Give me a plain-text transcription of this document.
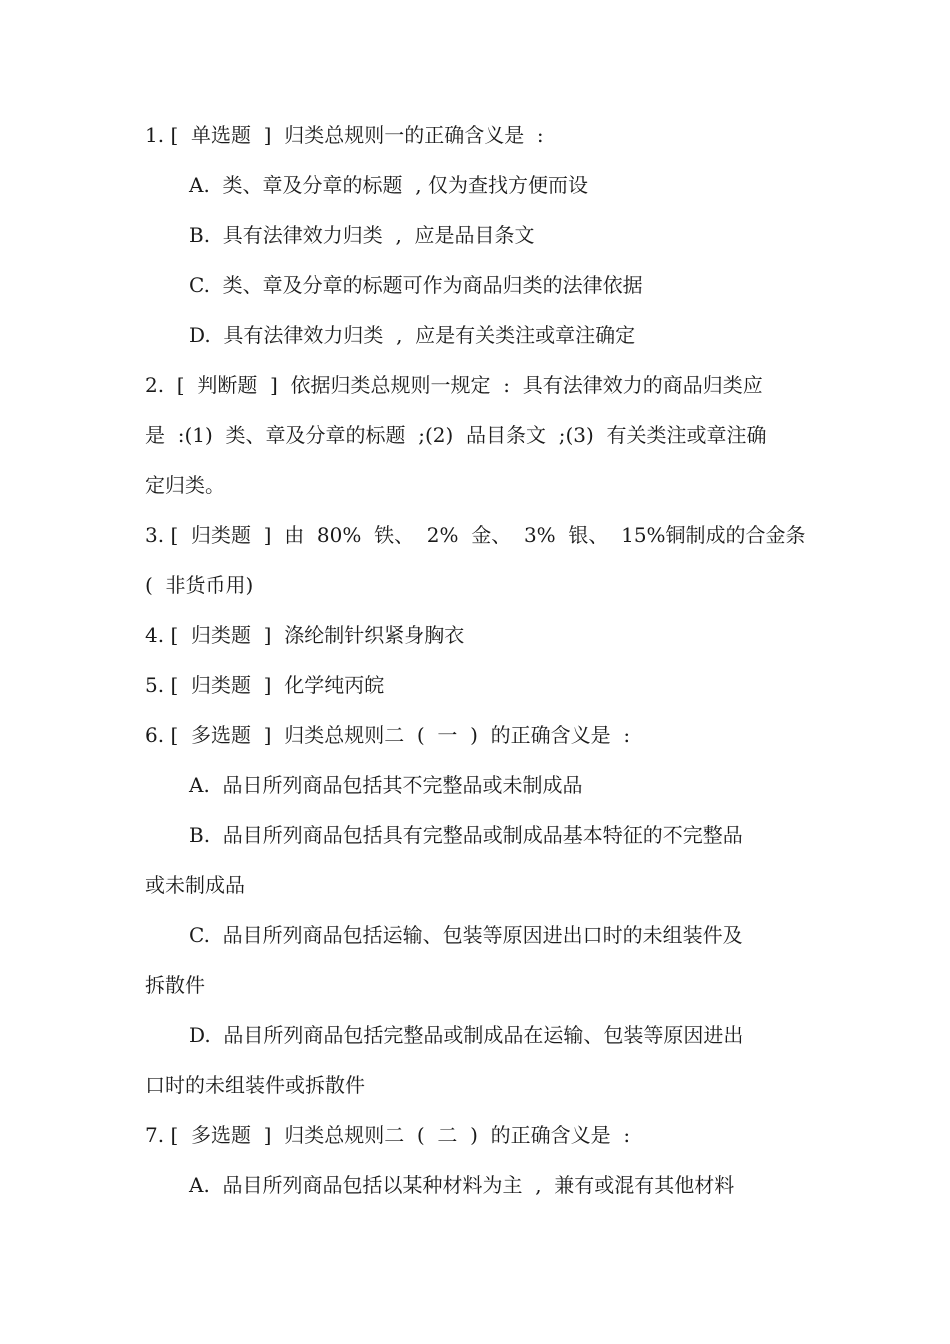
1. [  单选题  ]  归类总规则一的正确含义是  :

A.  类、章及分章的标题  , 仅为查找方便而设

B.  具有法律效力归类  ,  应是品目条文

C.  类、章及分章的标题可作为商品归类的法律依据

D.  具有法律效力归类  ,  应是有关类注或章注确定

2.  [  判断题  ]  依据归类总规则一规定  :  具有法律效力的商品归类应

是  :(1)  类、章及分章的标题  ;(2)  品目条文  ;(3)  有关类注或章注确

定归类。

3. [  归类题  ]  由  80%  铁、  2%  金、  3%  银、  15%铜制成的合金条

(  非货币用)

4. [  归类题  ]  涤纶制针织紧身胸衣

5. [  归类题  ]  化学纯丙皖

6. [  多选题  ]  归类总规则二  (  一  )  的正确含义是  :

A.  品日所列商品包括其不完整品或未制成品

B.  品目所列商品包括具有完整品或制成品基本特征的不完整品

或未制成品

C.  品目所列商品包括运输、包装等原因进出口时的未组装件及

拆散件

D.  品目所列商品包括完整品或制成品在运输、包装等原因进出

口时的未组装件或拆散件

7. [  多选题  ]  归类总规则二  (  二  )  的正确含义是  :

A.  品目所列商品包括以某种材料为主  ,  兼有或混有其他材料
